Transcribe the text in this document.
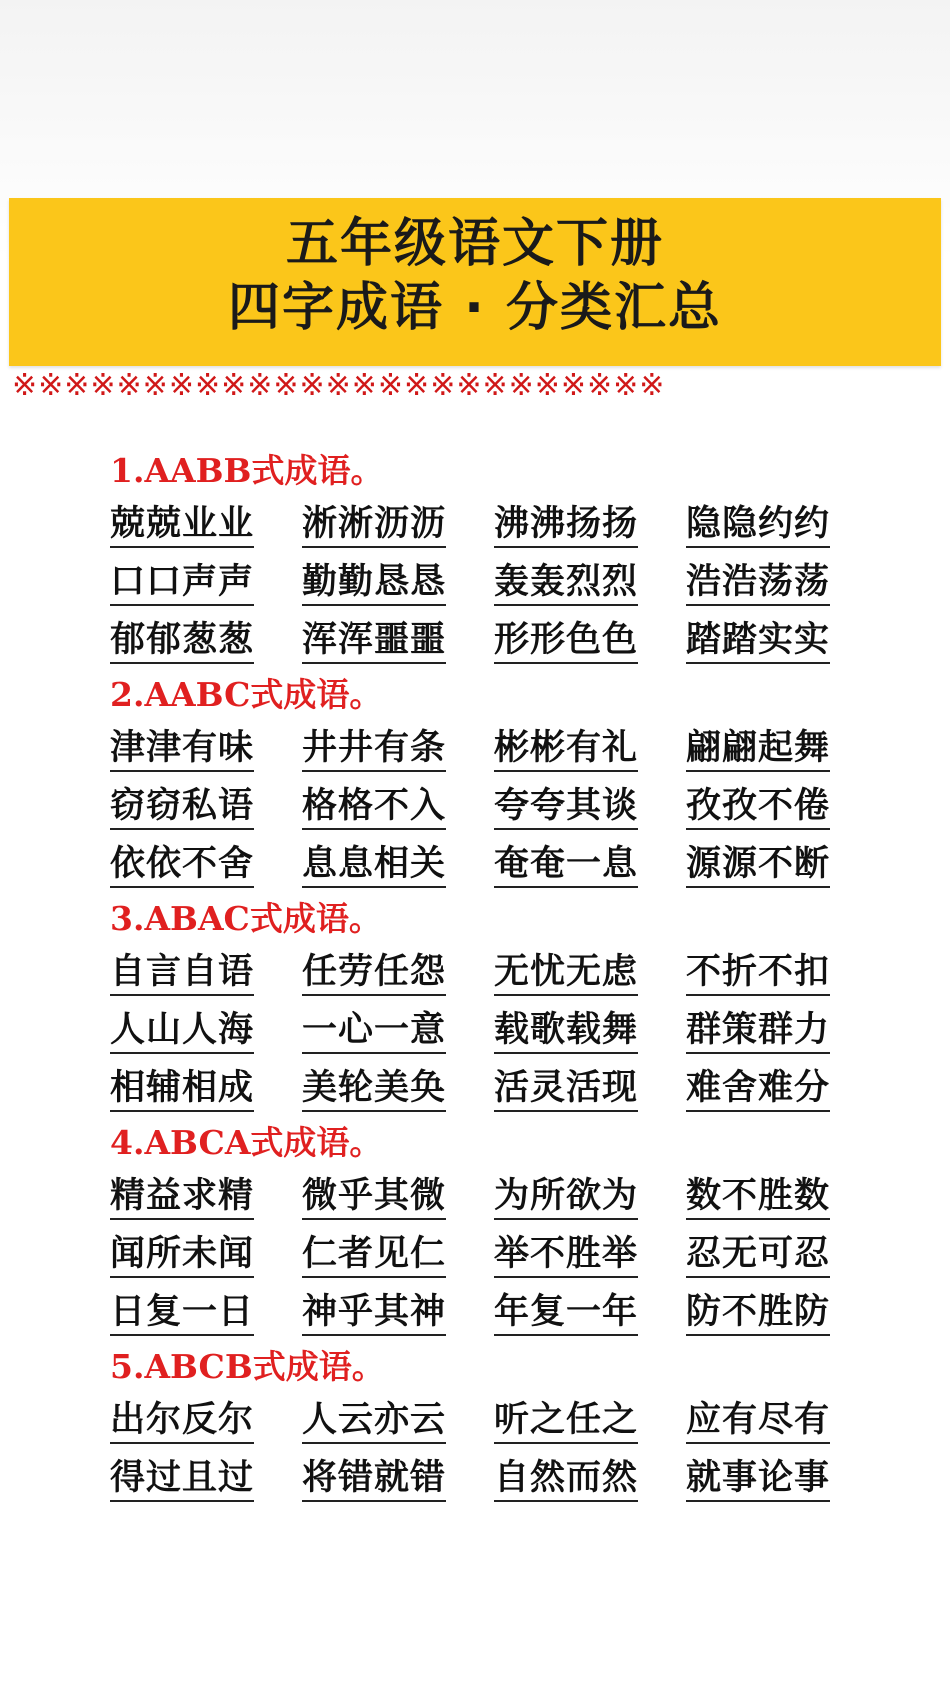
五年级语文下册
四字成语 · 分类汇总
※※※※※※※※※※※※※※※※※※※※※※※※※
1.AABB式成语。
兢兢业业	淅淅沥沥	沸沸扬扬	隐隐约约
口口声声	勤勤恳恳	轰轰烈烈	浩浩荡荡
郁郁葱葱	浑浑噩噩	形形色色	踏踏实实
2.AABC式成语。
津津有味	井井有条	彬彬有礼	翩翩起舞
窃窃私语	格格不入	夸夸其谈	孜孜不倦
依依不舍	息息相关	奄奄一息	源源不断
3.ABAC式成语。
自言自语	任劳任怨	无忧无虑	不折不扣
人山人海	一心一意	载歌载舞	群策群力
相辅相成	美轮美奂	活灵活现	难舍难分
4.ABCA式成语。
精益求精	微乎其微	为所欲为	数不胜数
闻所未闻	仁者见仁	举不胜举	忍无可忍
日复一日	神乎其神	年复一年	防不胜防
5.ABCB式成语。
出尔反尔	人云亦云	听之任之	应有尽有
得过且过	将错就错	自然而然	就事论事
